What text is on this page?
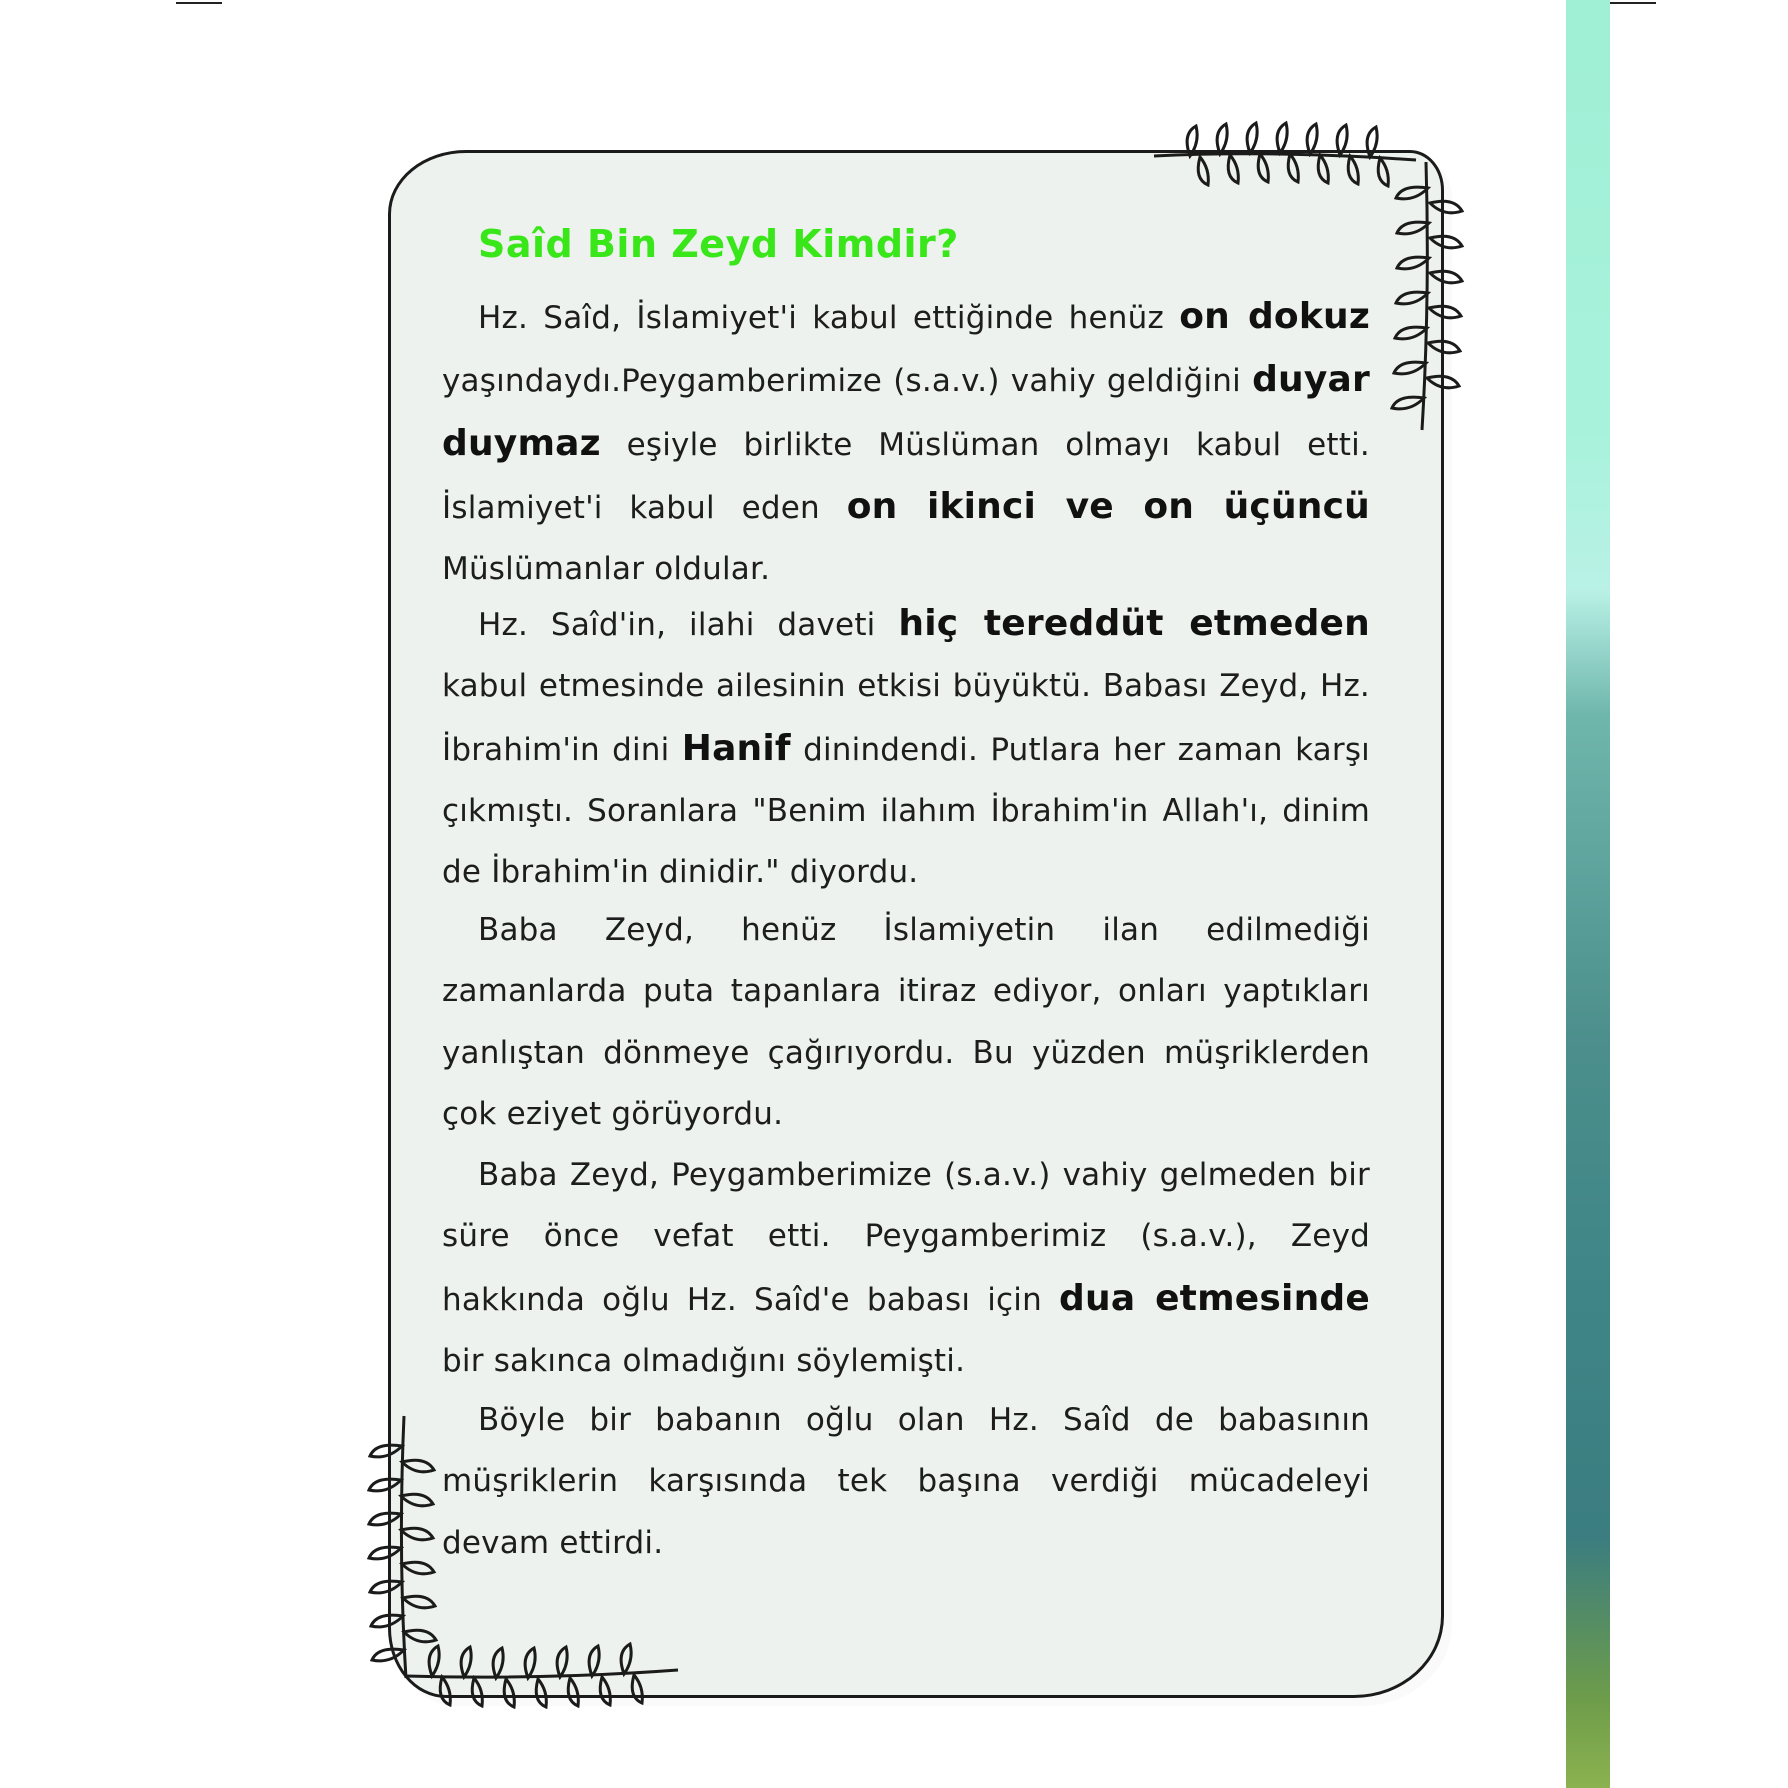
Saîd Bin Zeyd Kimdir?
Hz. Saîd, İslamiyet'i kabul ettiğinde henüz on dokuz yaşındaydı.Peygamberimize (s.a.v.) vahiy geldiğini duyar duymaz eşiyle birlikte Müslüman olmayı kabul etti. İslamiyet'i kabul eden on ikinci ve on üçüncü Müslümanlar oldular.
Hz. Saîd'in, ilahi daveti hiç tereddüt etmeden kabul etmesinde ailesinin etkisi büyüktü. Babası Zeyd, Hz. İbrahim'in dini Hanif dinindendi. Putlara her zaman karşı çıkmıştı. Soranlara "Benim ilahım İbrahim'in Allah'ı, dinim de İbrahim'in dinidir." diyordu.
Baba Zeyd, henüz İslamiyetin ilan edilmediği zamanlarda puta tapanlara itiraz ediyor, onları yaptıkları yanlıştan dönmeye çağırıyordu. Bu yüzden müşriklerden çok eziyet görüyordu.
Baba Zeyd, Peygamberimize (s.a.v.) vahiy gelmeden bir süre önce vefat etti. Peygamberimiz (s.a.v.), Zeyd hakkında oğlu Hz. Saîd'e babası için dua etmesinde bir sakınca olmadığını söylemişti.
Böyle bir babanın oğlu olan Hz. Saîd de babasının müşriklerin karşısında tek başına verdiği mücadeleyi devam ettirdi.
